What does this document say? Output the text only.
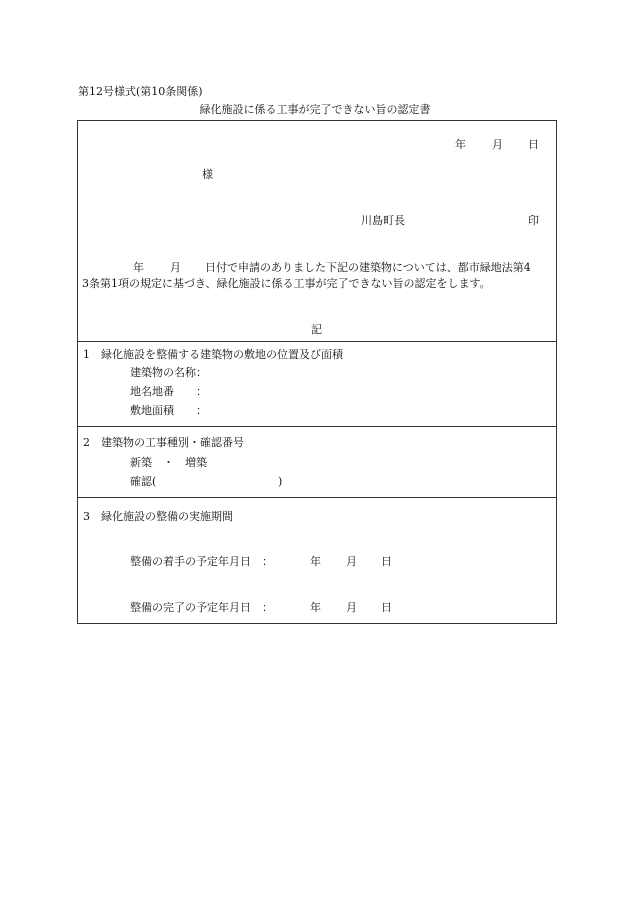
第12号様式(第10条関係)
緑化施設に係る工事が完了できない旨の認定書
年 月 日
様
川島町長	印
年 月 日付で申請のありました下記の建築物については、都市緑地法第4
3条第1項の規定に基づき、緑化施設に係る工事が完了できない旨の認定をします。
記
1　緑化施設を整備する建築物の敷地の位置及び面積
建築物の名称：
地名地番　　：
敷地面積　　：
2　建築物の工事種別・確認番号
新築　・　増築
確認(	)
3　緑化施設の整備の実施期間
整備の着手の予定年月日　：	年 月 日
整備の完了の予定年月日　：	年 月 日
